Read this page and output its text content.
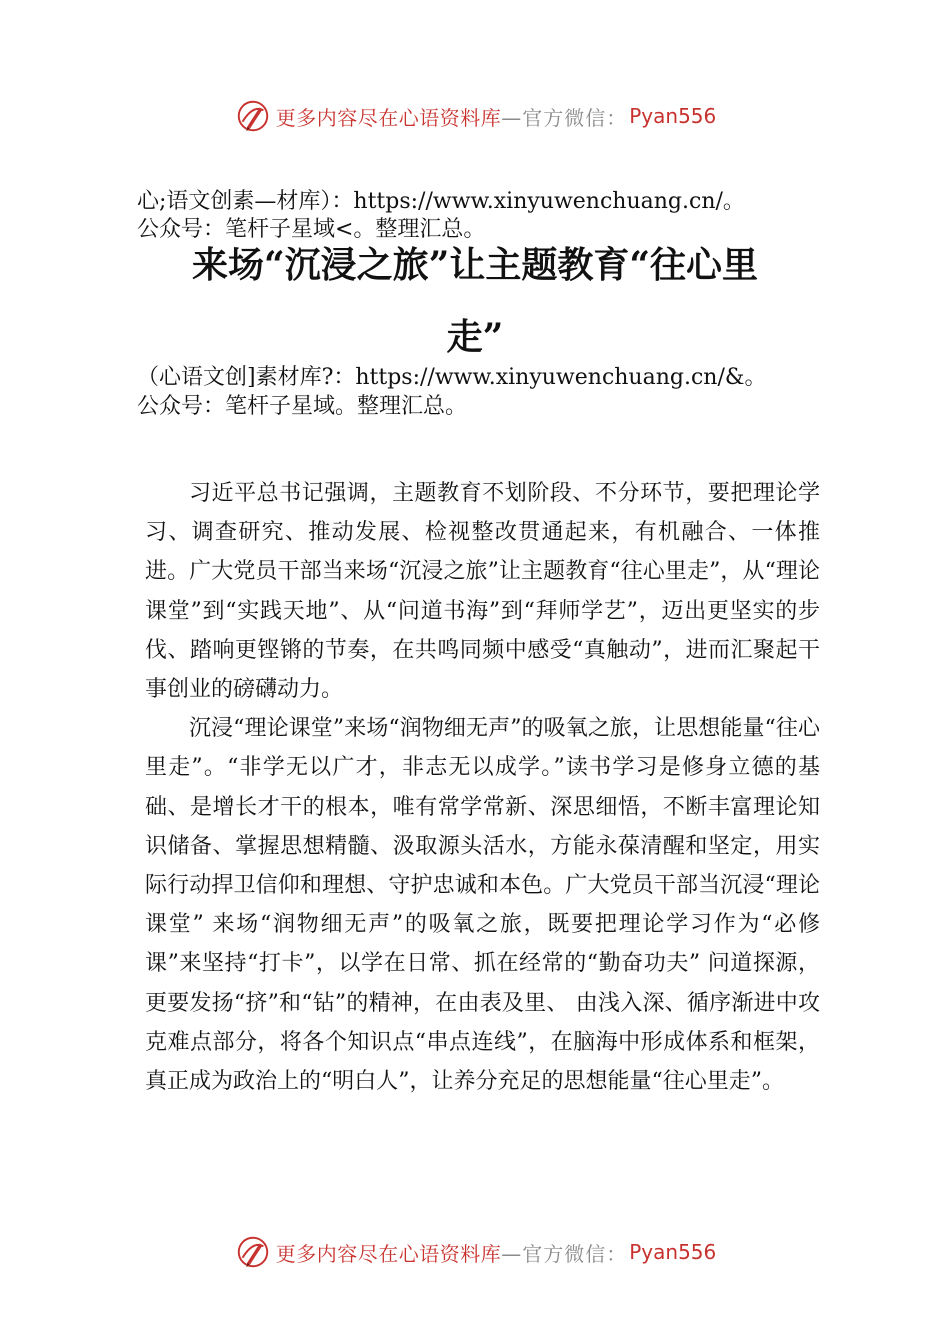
更多内容尽在心语资料库 —官方微信： Pyan556
心;语文创素—材库）：https://www.xinyuwenchuang.cn/。
公众号：笔杆子星域<。整理汇总。
来场“沉浸之旅”让主题教育“往心里
走”
（心语文创]素材库?：https://www.xinyuwenchuang.cn/&。
公众号：笔杆子星域。整理汇总。

习近平总书记强调，主题教育不划阶段、不分环节，要把理论学习、调查研究、推动发展、检视整改贯通起来，有机融合、一体推进。广大党员干部当来场“沉浸之旅”让主题教育“往心里走”，从“理论课堂”到“实践天地”、从“问道书海”到“拜师学艺”，迈出更坚实的步伐、踏响更铿锵的节奏，在共鸣同频中感受“真触动”，进而汇聚起干事创业的磅礴动力。

沉浸“理论课堂”来场“润物细无声”的吸氧之旅，让思想能量“往心里走”。“非学无以广才，非志无以成学。”读书学习是修身立德的基础、是增长才干的根本，唯有常学常新、深思细悟，不断丰富理论知识储备、掌握思想精髓、汲取源头活水，方能永葆清醒和坚定，用实际行动捍卫信仰和理想、守护忠诚和本色。广大党员干部当沉浸“理论课堂” 来场“润物细无声”的吸氧之旅，既要把理论学习作为“必修课”来坚持“打卡”，以学在日常、抓在经常的“勤奋功夫” 问道探源，更要发扬“挤”和“钻”的精神，在由表及里、 由浅入深、循序渐进中攻克难点部分，将各个知识点“串点连线”，在脑海中形成体系和框架，真正成为政治上的“明白人”，让养分充足的思想能量“往心里走”。

更多内容尽在心语资料库 —官方微信： Pyan556
